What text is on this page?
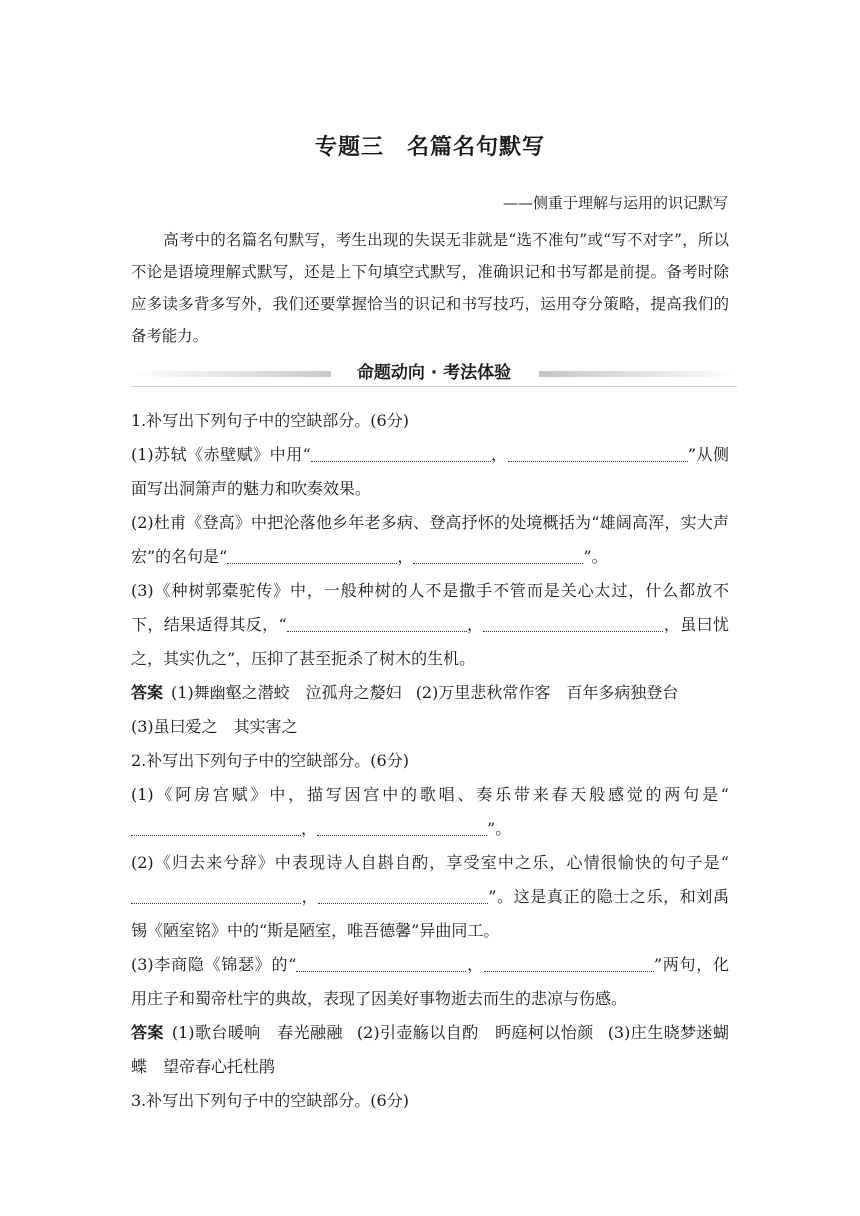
专题三　名篇名句默写
——侧重于理解与运用的识记默写
高考中的名篇名句默写，考生出现的失误无非就是“选不准句”或“写不对字”，所以不论是语境理解式默写，还是上下句填空式默写，准确识记和书写都是前提。备考时除应多读多背多写外，我们还要掌握恰当的识记和书写技巧，运用夺分策略，提高我们的备考能力。
命题动向 · 考法体验

1.补写出下列句子中的空缺部分。(6分)

(1)苏轼《赤壁赋》中用“	，	”从侧面写出洞箫声的魅力和吹奏效果。

(2)杜甫《登高》中把沦落他乡年老多病、登高抒怀的处境概括为“雄阔高浑，实大声宏”的名句是“	，	”。

(3)《种树郭橐驼传》中，一般种树的人不是撒手不管而是关心太过，什么都放不下，结果适得其反，“	，	，虽曰忧之，其实仇之”，压抑了甚至扼杀了树木的生机。

答案 (1)舞幽壑之潜蛟　泣孤舟之嫠妇 (2)万里悲秋常作客　百年多病独登台
(3)虽曰爱之　其实害之

2.补写出下列句子中的空缺部分。(6分)

(1)《阿房宫赋》中，描写因宫中的歌唱、奏乐带来春天般感觉的两句是“，	”。

(2)《归去来兮辞》中表现诗人自斟自酌，享受室中之乐，心情很愉快的句子是“，	”。这是真正的隐士之乐，和刘禹锡《陋室铭》中的“斯是陋室，唯吾德馨”异曲同工。

(3)李商隐《锦瑟》的“	，	”两句，化用庄子和蜀帝杜宇的典故，表现了因美好事物逝去而生的悲凉与伤感。

答案 (1)歌台暖响　春光融融 (2)引壶觞以自酌　眄庭柯以怡颜 (3)庄生晓梦迷蝴蝶　望帝春心托杜鹃

3.补写出下列句子中的空缺部分。(6分)
